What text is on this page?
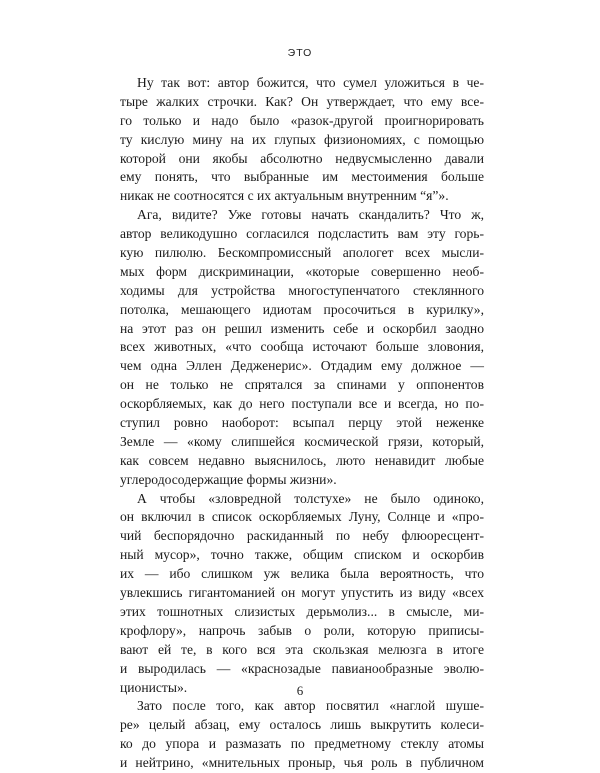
ЭТО

Ну так вот: автор божится, что сумел уложиться в че-
тыре жалких строчки. Как? Он утверждает, что ему все-
го только и надо было «разок-другой проигнорировать
ту кислую мину на их глупых физиономиях, с помощью
которой они якобы абсолютно недвусмысленно давали
ему понять, что выбранные им местоимения больше
никак не соотносятся с их актуальным внутренним “я”».

Ага, видите? Уже готовы начать скандалить? Что ж,
автор великодушно согласился подсластить вам эту горь-
кую пилюлю. Бескомпромиссный апологет всех мысли-
мых форм дискриминации, «которые совершенно необ-
ходимы для устройства многоступенчатого стеклянного
потолка, мешающего идиотам просочиться в курилку»,
на этот раз он решил изменить себе и оскорбил заодно
всех животных, «что сообща источают больше зловония,
чем одна Эллен Дедженерис». Отдадим ему должное —
он не только не спрятался за спинами у оппонентов
оскорбляемых, как до него поступали все и всегда, но по-
ступил ровно наоборот: всыпал перцу этой неженке
Земле — «кому слипшейся космической грязи, который,
как совсем недавно выяснилось, люто ненавидит любые
углеродосодержащие формы жизни».

А чтобы «зловредной толстухе» не было одиноко,
он включил в список оскорбляемых Луну, Солнце и «про-
чий беспорядочно раскиданный по небу флюоресцент-
ный мусор», точно также, общим списком и оскорбив
их — ибо слишком уж велика была вероятность, что
увлекшись гигантоманией он могут упустить из виду «всех
этих тошнотных слизистых дерьмолиз... в смысле, ми-
крофлору», напрочь забыв о роли, которую приписы-
вают ей те, в кого вся эта скользкая мелюзга в итоге
и выродилась — «краснозадые павианообразные эволю-
ционисты».

Зато после того, как автор посвятил «наглой шуше-
ре» целый абзац, ему осталось лишь выкрутить колеси-
ко до упора и размазать по предметному стеклу атомы
и нейтрино, «мнительных проныр, чья роль в публичном

6
